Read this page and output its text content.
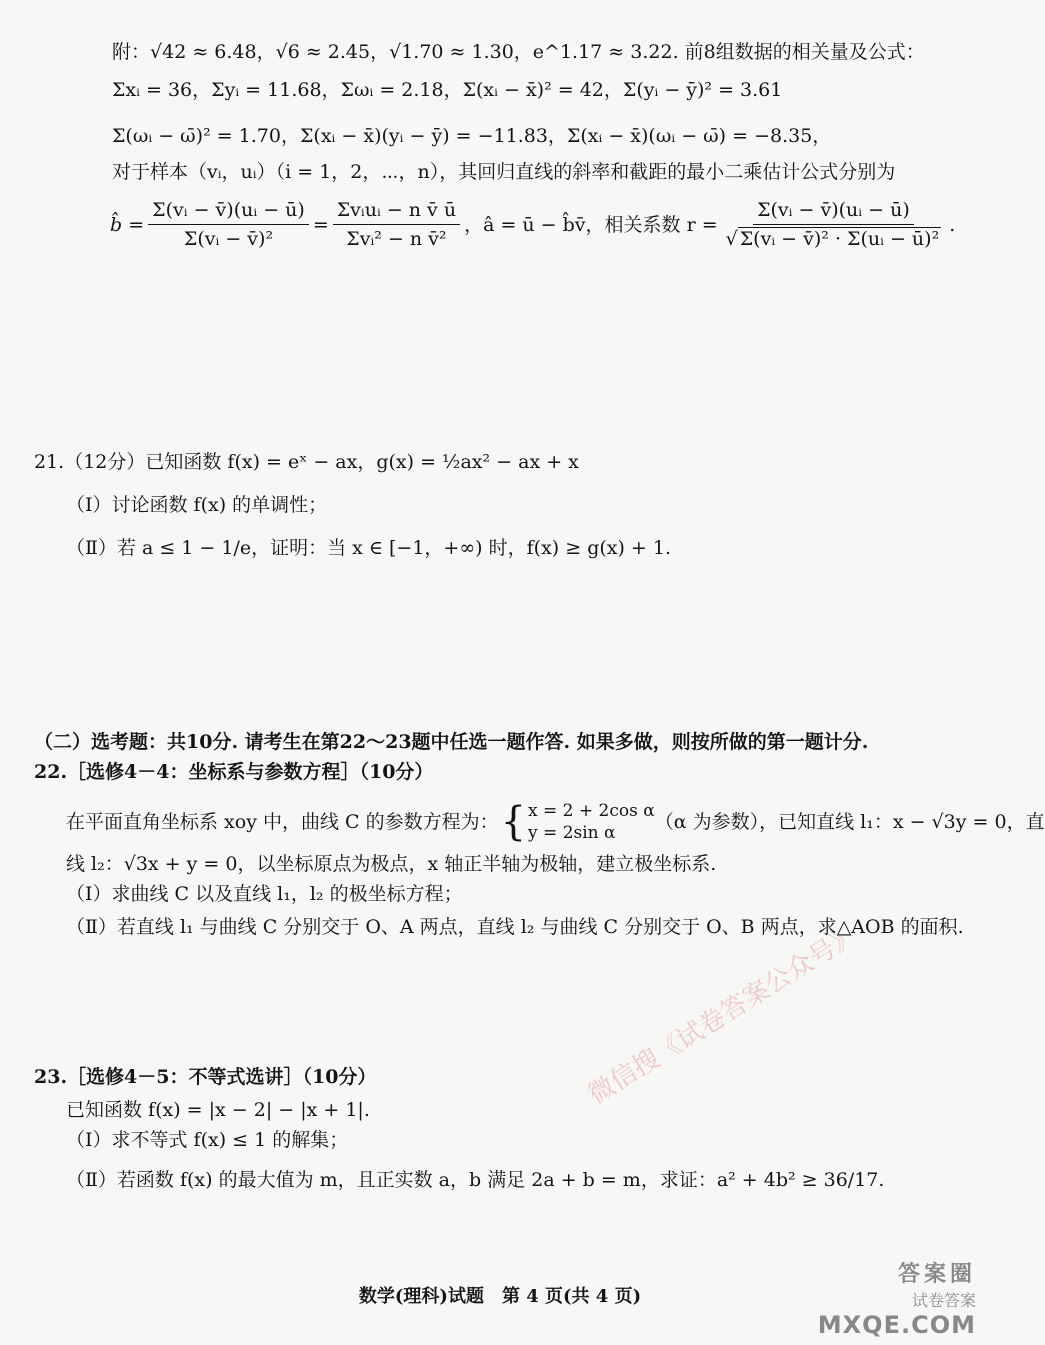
附：√42 ≈ 6.48，√6 ≈ 2.45，√1.70 ≈ 1.30，e^1.17 ≈ 3.22. 前8组数据的相关量及公式：
Σxᵢ = 36，Σyᵢ = 11.68，Σωᵢ = 2.18，Σ(xᵢ − x̄)² = 42，Σ(yᵢ − ȳ)² = 3.61
Σ(ωᵢ − ω̄)² = 1.70，Σ(xᵢ − x̄)(yᵢ − ȳ) = −11.83，Σ(xᵢ − x̄)(ωᵢ − ω̄) = −8.35，
对于样本（vᵢ，uᵢ）（i = 1，2，⋯，n），其回归直线的斜率和截距的最小二乘估计公式分别为
b̂ = $\frac{\text{Σ(vᵢ − v̄)(uᵢ − ū)}}{\text{Σ(vᵢ − v̄)²}} = \frac{\text{Σvᵢuᵢ − n v̄ ū}}{\text{Σvᵢ² − n v̄²}}$ ，â = ū − b̂v̄，相关系数 $r = \frac{\text{Σ(vᵢ − v̄)(uᵢ − ū)}}{\text{√ Σ(vᵢ − v̄)² · Σ(uᵢ − ū)²}}$ .
21.（12分）已知函数 f(x) = eˣ − ax，g(x) = ½ax² − ax + x
（Ⅰ）讨论函数 f(x) 的单调性；
（Ⅱ）若 a ≤ 1 − 1/e，证明：当 x ∈ [−1，+∞) 时，f(x) ≥ g(x) + 1.
（二）选考题：共10分. 请考生在第22～23题中任选一题作答. 如果多做，则按所做的第一题计分.
22.［选修4－4：坐标系与参数方程］（10分）
在平面直角坐标系 xoy 中，曲线 C 的参数方程为： { x = 2 + 2cos α
y = 2sin α	（α 为参数），已知直线 l₁：x − √3y = 0，直
线 l₂：√3x + y = 0，以坐标原点为极点，x 轴正半轴为极轴，建立极坐标系.
（Ⅰ）求曲线 C 以及直线 l₁，l₂ 的极坐标方程；
（Ⅱ）若直线 l₁ 与曲线 C 分别交于 O、A 两点，直线 l₂ 与曲线 C 分别交于 O、B 两点，求△AOB 的面积.
23.［选修4－5：不等式选讲］（10分）
已知函数 f(x) = |x − 2| − |x + 1|.
（Ⅰ）求不等式 f(x) ≤ 1 的解集；
（Ⅱ）若函数 f(x) 的最大值为 m，且正实数 a，b 满足 2a + b = m，求证：a² + 4b² ≥ 36/17.
微信搜《试卷答案公众号》
数学(理科)试题　第 4 页(共 4 页)
答案圈
试卷答案
MXQE.COM
